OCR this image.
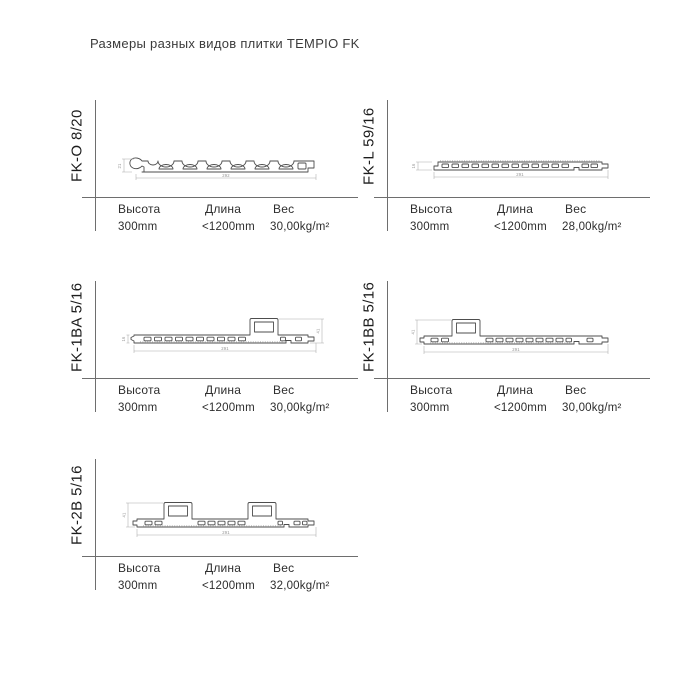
Размеры разных видов плитки TEMPIO FK
FK-O 8/20	292
21
Высота	Длина	Вес
300mm	<1200mm 30,00kg/m²
FK-L 59/16	291
16
Высота	Длина	Вес
300mm	<1200mm 28,00kg/m²
FK-1BA 5/16	291
16
41
Высота	Длина	Вес
300mm	<1200mm 30,00kg/m²
FK-1BB 5/16	291
41
Высота	Длина	Вес
300mm	<1200mm 30,00kg/m²
FK-2B 5/16	291
41
Высота	Длина	Вес
300mm	<1200mm 32,00kg/m²
